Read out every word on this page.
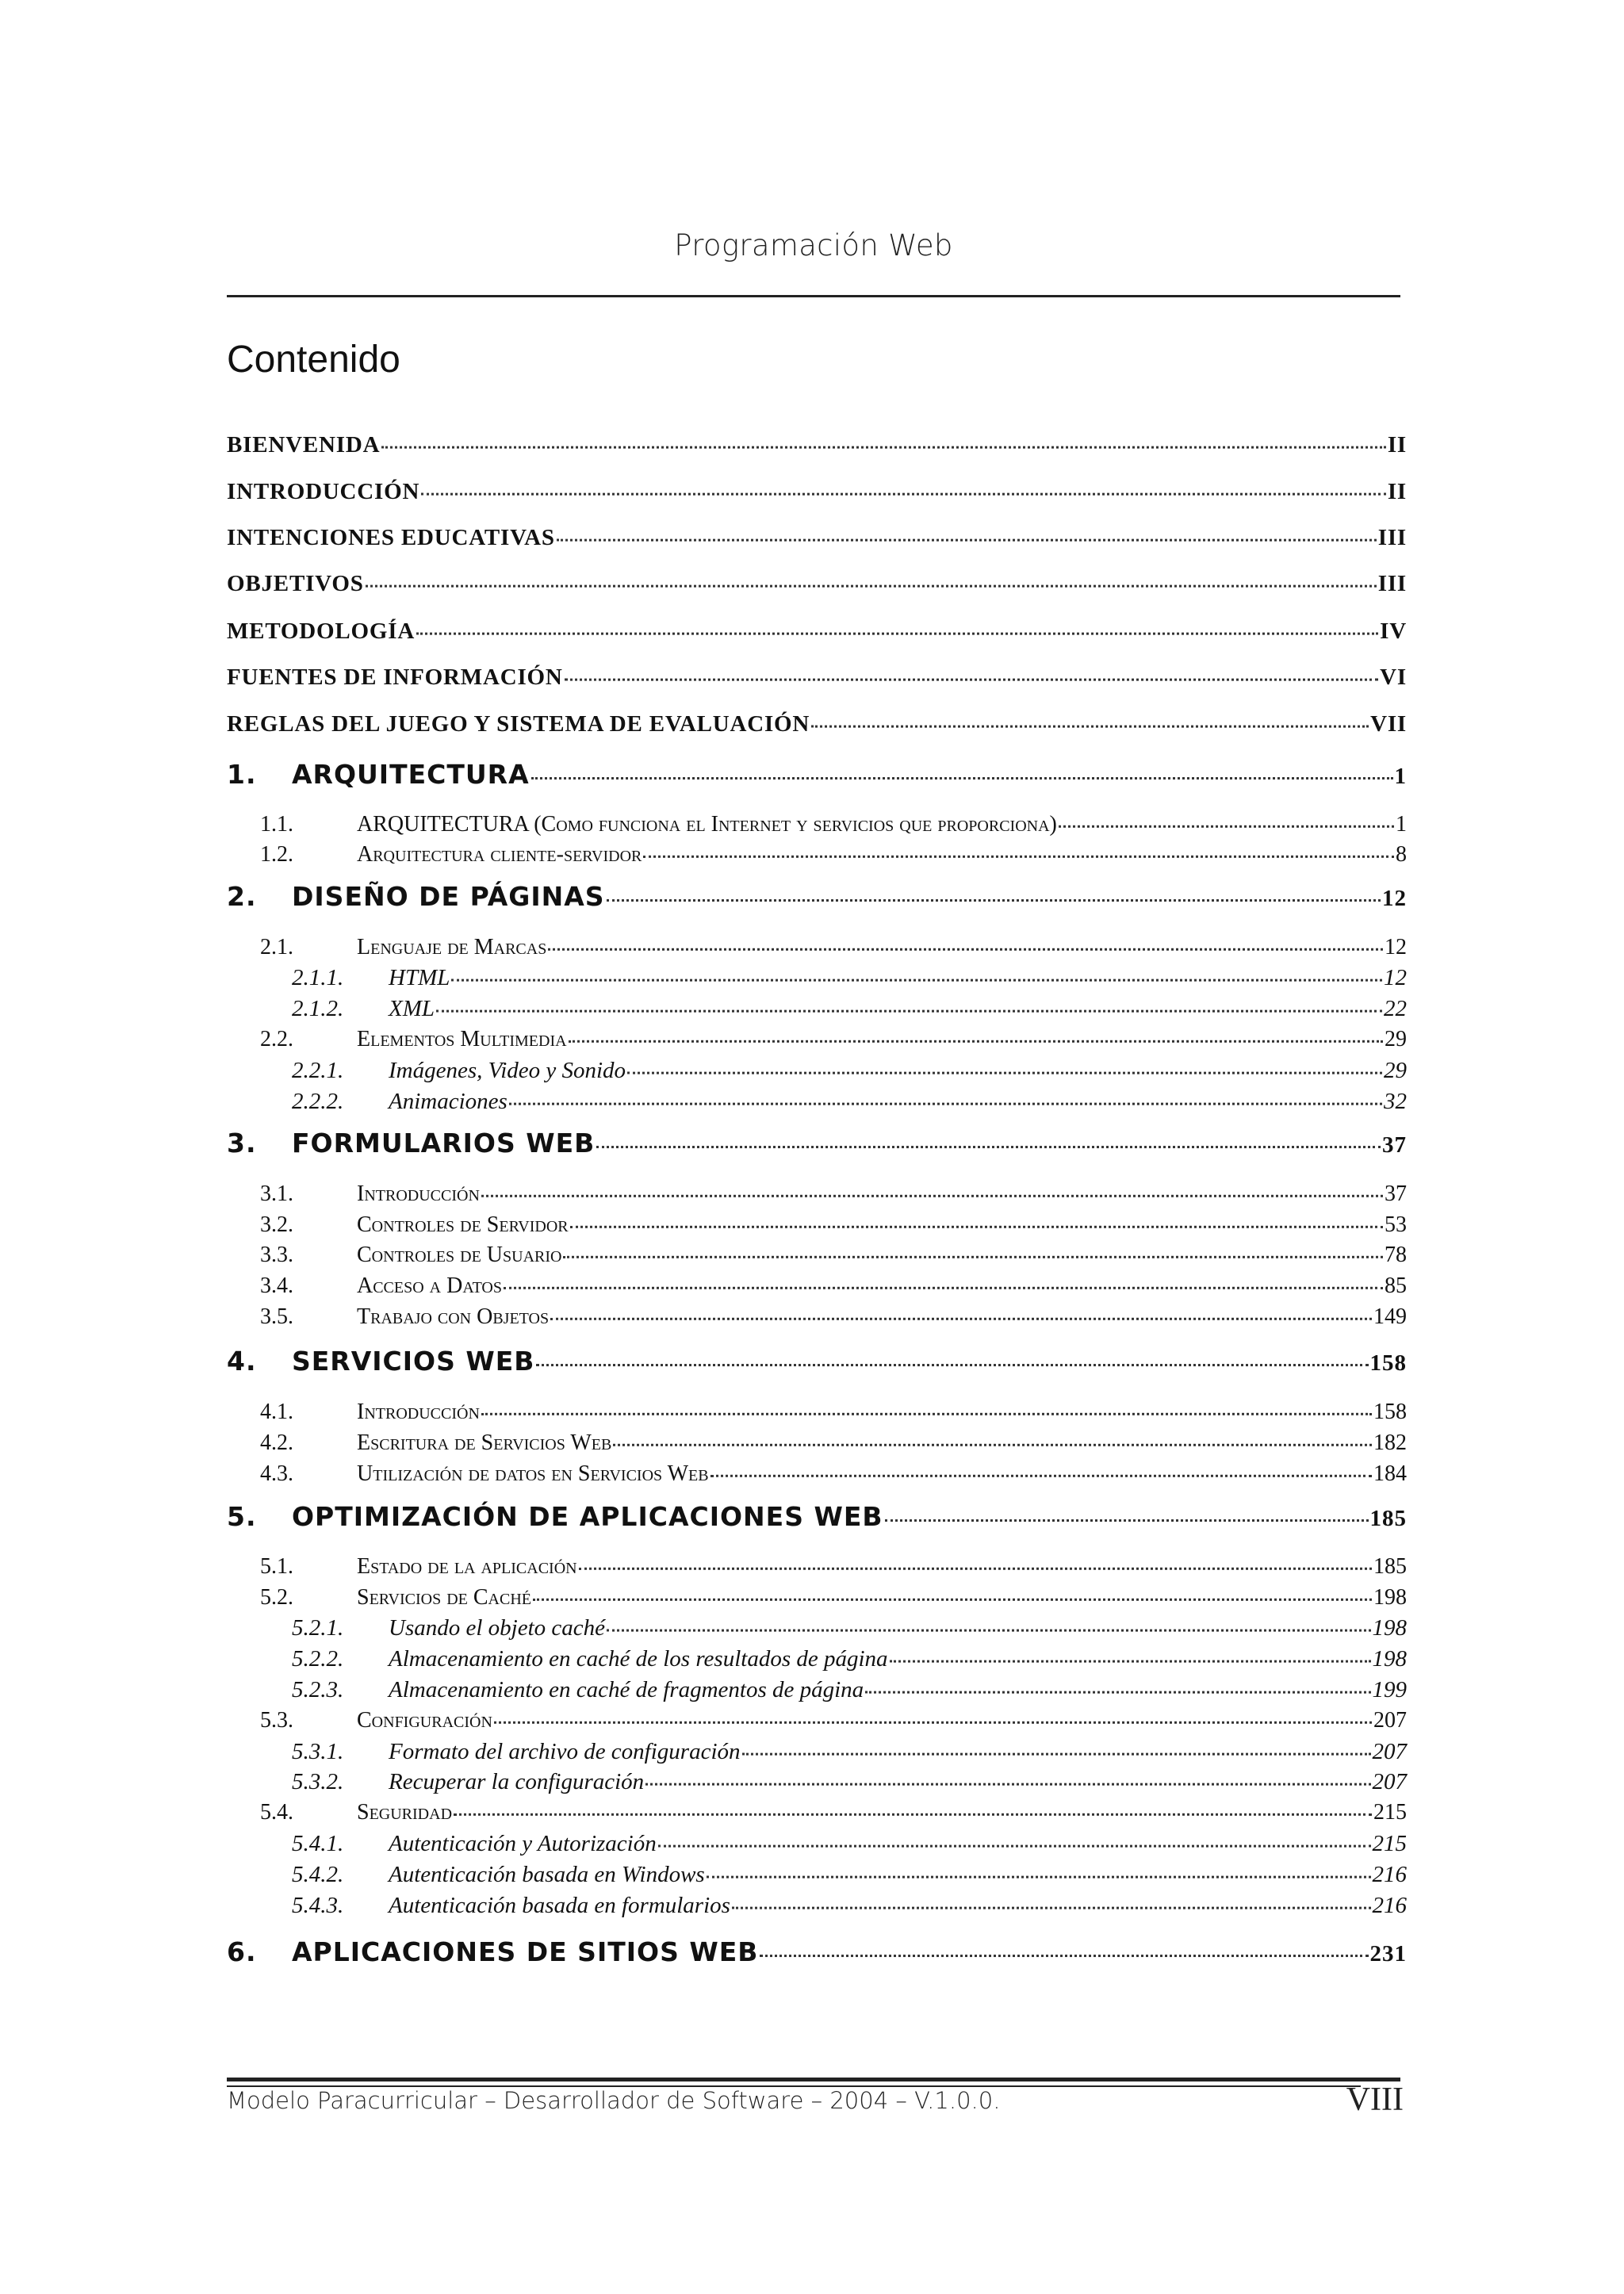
Programación Web
Contenido
BIENVENIDA	II
INTRODUCCIÓN	II
INTENCIONES EDUCATIVAS	III
OBJETIVOS	III
METODOLOGÍA	IV
FUENTES DE INFORMACIÓN	VI
REGLAS DEL JUEGO Y SISTEMA DE EVALUACIÓN	VII
1.	ARQUITECTURA	1
1.1.	ARQUITECTURA (Como funciona el Internet y servicios que proporciona)	1
1.2.	Arquitectura cliente-servidor	8
2.	DISEÑO DE PÁGINAS	12
2.1.	Lenguaje de Marcas	12
2.1.1.	HTML	12
2.1.2.	XML	22
2.2.	Elementos Multimedia	29
2.2.1.	Imágenes, Video y Sonido	29
2.2.2.	Animaciones	32
3.	FORMULARIOS WEB	37
3.1.	Introducción	37
3.2.	Controles de Servidor	53
3.3.	Controles de Usuario	78
3.4.	Acceso a Datos	85
3.5.	Trabajo con Objetos	149
4.	SERVICIOS WEB	158
4.1.	Introducción	158
4.2.	Escritura de Servicios Web	182
4.3.	Utilización de datos en Servicios Web	184
5.	OPTIMIZACIÓN DE APLICACIONES WEB	185
5.1.	Estado de la aplicación	185
5.2.	Servicios de Caché	198
5.2.1.	Usando el objeto caché	198
5.2.2.	Almacenamiento en caché de los resultados de página	198
5.2.3.	Almacenamiento en caché de fragmentos de página	199
5.3.	Configuración	207
5.3.1.	Formato del archivo de configuración	207
5.3.2.	Recuperar la configuración	207
5.4.	Seguridad	215
5.4.1.	Autenticación y Autorización	215
5.4.2.	Autenticación basada en Windows	216
5.4.3.	Autenticación basada en formularios	216
6.	APLICACIONES DE SITIOS WEB	231
Modelo Paracurricular – Desarrollador de Software – 2004 – V.1.0.0.	VIII
